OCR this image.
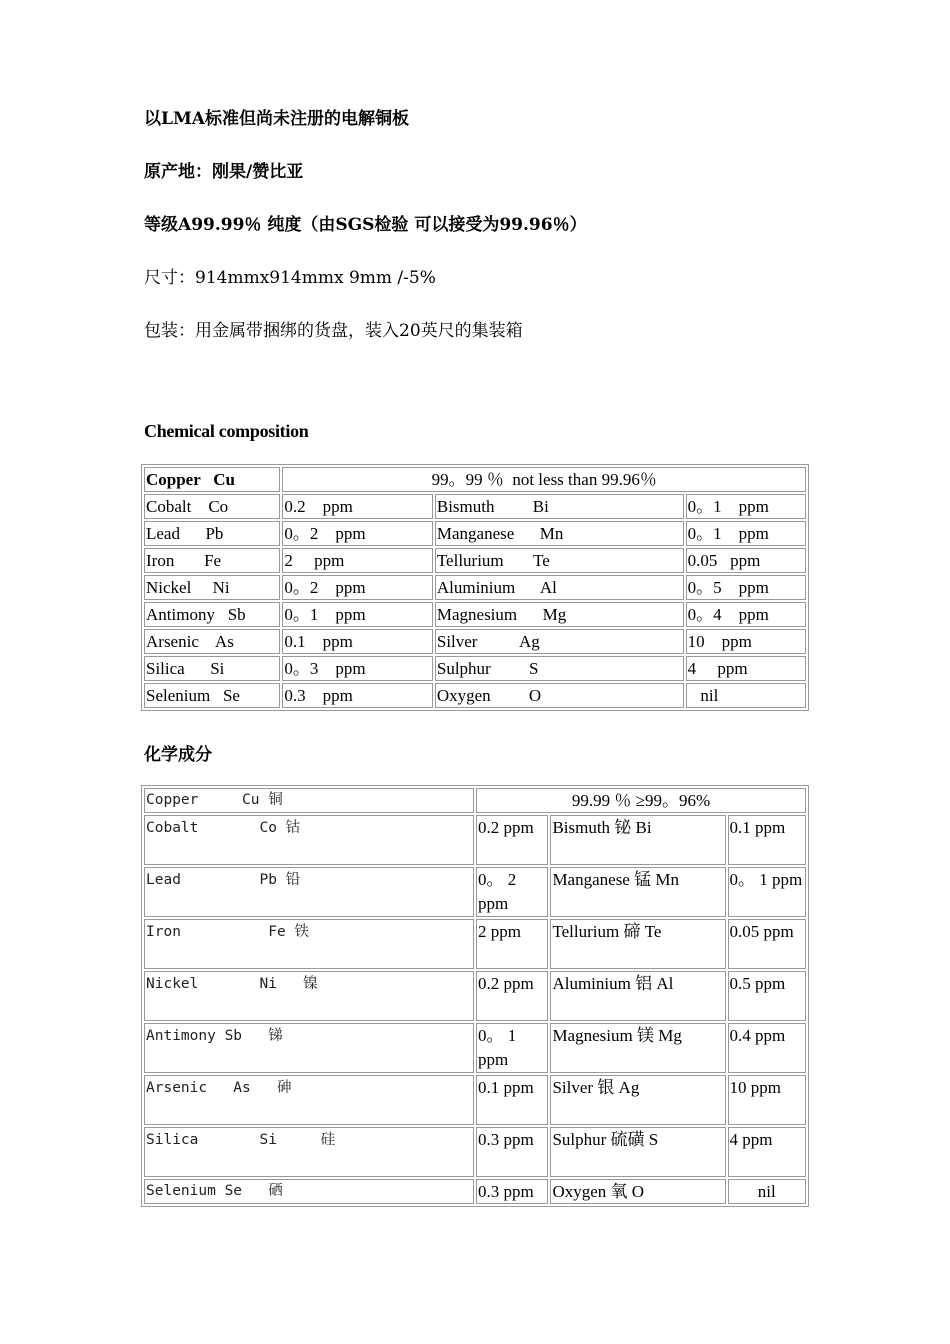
以LMA标准但尚未注册的电解铜板
原产地：刚果/赞比亚
等级A99.99％ 纯度（由SGS检验 可以接受为99.96％）
尺寸：914mmx914mmx 9mm /-5%
包装：用金属带捆绑的货盘，装入20英尺的集装箱
Chemical composition
Copper   Cu	99。99 ％  not less than 99.96％		
Cobalt    Co	0.2    ppm	Bismuth         Bi	0。1    ppm
Lead      Pb	0。2    ppm	Manganese      Mn	0。1    ppm
Iron       Fe	2     ppm	Tellurium       Te	0.05   ppm
Nickel     Ni	0。2    ppm	Aluminium      Al	0。5    ppm
Antimony   Sb	0。1    ppm	Magnesium      Mg	0。4    ppm
Arsenic    As	0.1    ppm	Silver          Ag	10    ppm
Silica      Si	0。3    ppm	Sulphur         S	4     ppm
Selenium   Se	0.3    ppm	Oxygen         O	nil
化学成分
Copper     Cu 铜	99.99 ％ ≥99。96%		
Cobalt       Co 钴	0.2 ppm	Bismuth 铋 Bi	0.1 ppm
Lead         Pb 铅	0。 2 ppm	Manganese 锰 Mn	0。 1 ppm
Iron          Fe 铁	2 ppm	Tellurium 碲 Te	0.05 ppm
Nickel       Ni   镍	0.2 ppm	Aluminium 铝 Al	0.5 ppm
Antimony Sb   锑	0。 1 ppm	Magnesium 镁 Mg	0.4 ppm
Arsenic   As   砷	0.1 ppm	Silver 银 Ag	10 ppm
Silica       Si     硅	0.3 ppm	Sulphur 硫磺 S	4 ppm
Selenium Se   硒	0.3 ppm	Oxygen 氧 O	nil
